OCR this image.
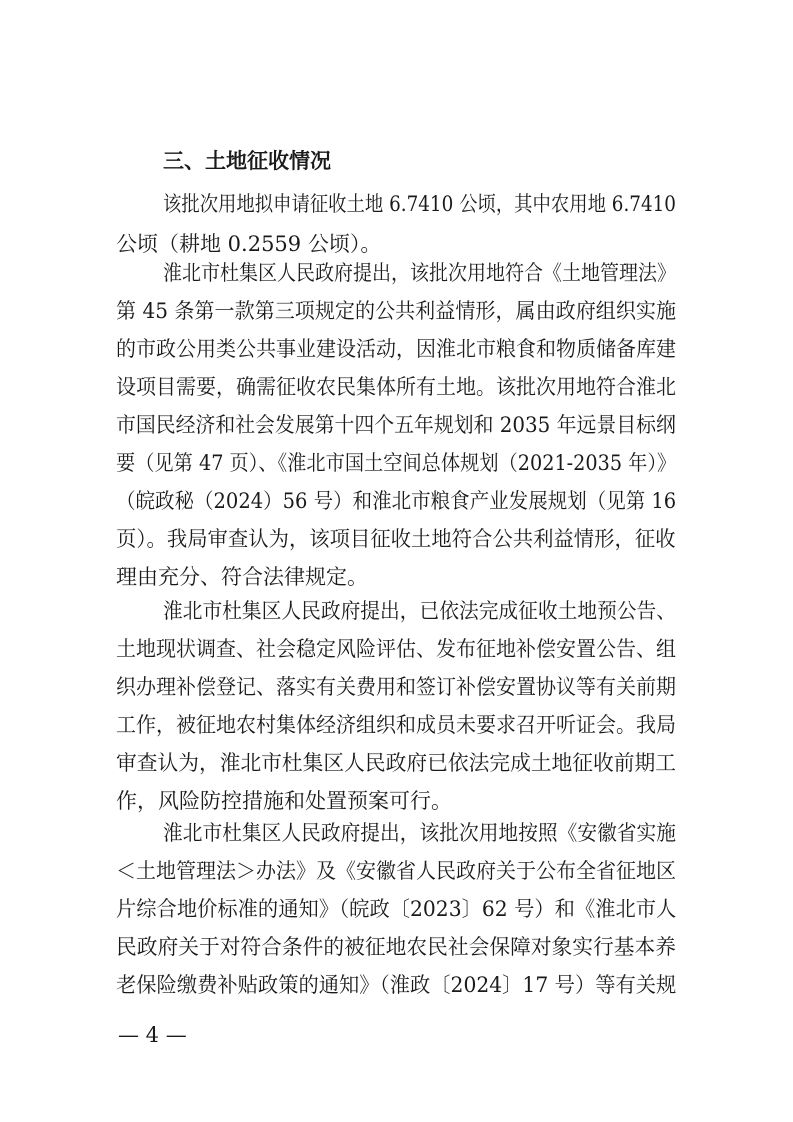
三、土地征收情况

该批次用地拟申请征收土地 6.7410 公顷，其中农用地 6.7410

公顷（耕地 0.2559 公顷）。

淮北市杜集区人民政府提出，该批次用地符合《土地管理法》

第 45 条第一款第三项规定的公共利益情形，属由政府组织实施

的市政公用类公共事业建设活动，因淮北市粮食和物质储备库建

设项目需要，确需征收农民集体所有土地。该批次用地符合淮北

市国民经济和社会发展第十四个五年规划和 2035 年远景目标纲

要（见第 47 页）、《淮北市国土空间总体规划（2021-2035 年）》

（皖政秘（2024）56 号）和淮北市粮食产业发展规划（见第 16

页）。我局审查认为，该项目征收土地符合公共利益情形，征收

理由充分、符合法律规定。

淮北市杜集区人民政府提出，已依法完成征收土地预公告、

土地现状调查、社会稳定风险评估、发布征地补偿安置公告、组

织办理补偿登记、落实有关费用和签订补偿安置协议等有关前期

工作，被征地农村集体经济组织和成员未要求召开听证会。我局

审查认为，淮北市杜集区人民政府已依法完成土地征收前期工

作，风险防控措施和处置预案可行。

淮北市杜集区人民政府提出，该批次用地按照《安徽省实施

＜土地管理法＞办法》及《安徽省人民政府关于公布全省征地区

片综合地价标准的通知》（皖政〔2023〕62 号）和《淮北市人

民政府关于对符合条件的被征地农民社会保障对象实行基本养

老保险缴费补贴政策的通知》（淮政〔2024〕17 号）等有关规

— 4 —
